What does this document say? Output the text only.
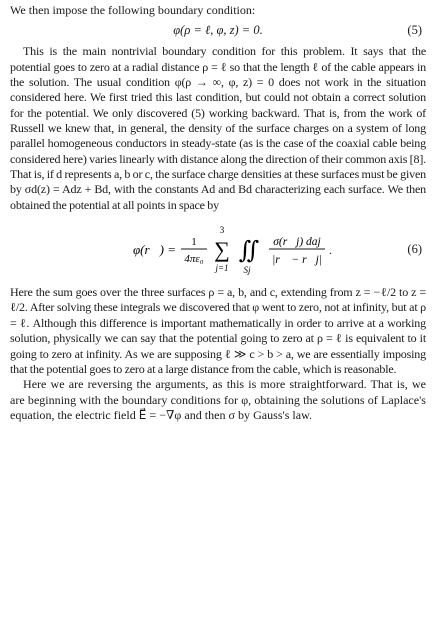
We then impose the following boundary condition:

φ(ρ = ℓ, φ, z) = 0.	(5)

This is the main nontrivial boundary condition for this problem. It says that the potential goes to zero at a radial distance ρ = ℓ so that the length ℓ of the cable appears in the solution. The usual condition φ(ρ → ∞, φ, z) = 0 does not work in the situation considered here. We first tried this last condition, but could not obtain a correct solution for the potential. We only discovered (5) working backward. That is, from the work of Russell we knew that, in general, the density of the surface charges on a system of long parallel homogeneous conductors in steady-state (as is the case of the coaxial cable being considered here) varies linearly with distance along the direction of their common axis [8]. That is, if d represents a, b or c, the surface charge densities at these surfaces must be given by σd(z) = Adz + Bd, with the constants Ad and Bd characterizing each surface. We then obtained the potential at all points in space by

φ(r⃗) = 1
4πε₀
3
∑
j=1
∬
Sj
σ(r⃗j) daj
|r⃗ − r⃗j|
.	(6)

Here the sum goes over the three surfaces ρ = a, b, and c, extending from z = −ℓ/2 to z = ℓ/2. After solving these integrals we discovered that φ went to zero, not at infinity, but at ρ = ℓ. Although this difference is important mathematically in order to arrive at a working solution, physically we can say that the potential going to zero at ρ = ℓ is equivalent to it going to zero at infinity. As we are supposing ℓ ≫ c > b > a, we are essentially imposing that the potential goes to zero at a large distance from the cable, which is reasonable.

Here we are reversing the arguments, as this is more straightforward. That is, we are beginning with the boundary conditions for φ, obtaining the solutions of Laplace's equation, the electric field E⃗ = −∇φ and then σ by Gauss's law.
